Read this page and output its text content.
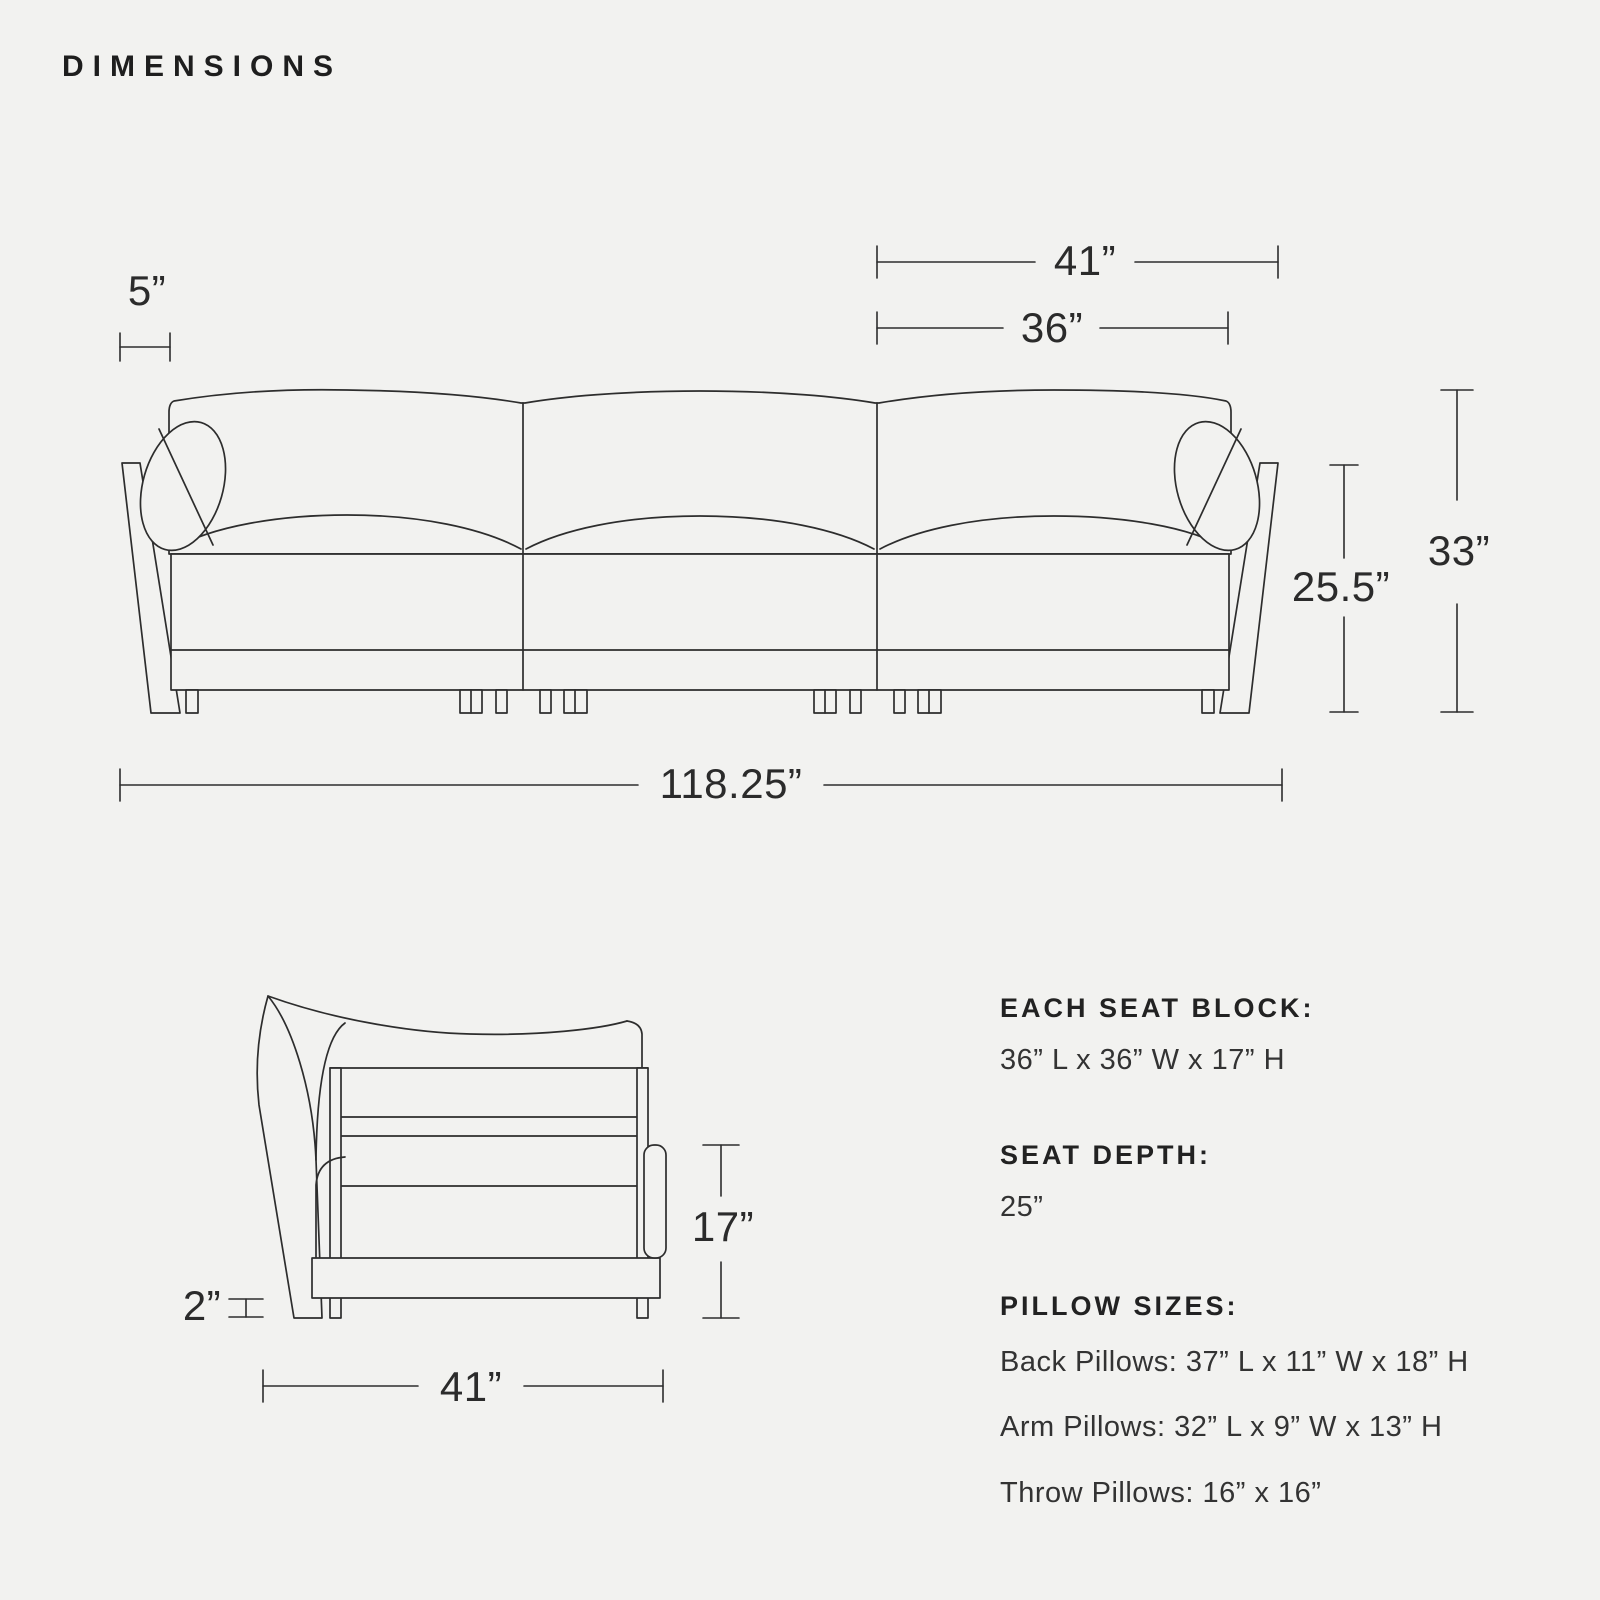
DIMENSIONS
5”
41”
36”
33”
25.5”
118.25”
2”
17”
41”
EACH SEAT BLOCK:

36” L x 36” W x 17” H

SEAT DEPTH:

25”

PILLOW SIZES:

Back Pillows: 37” L x 11” W x 18” H

Arm Pillows: 32” L x 9” W x 13” H

Throw Pillows: 16” x 16”
